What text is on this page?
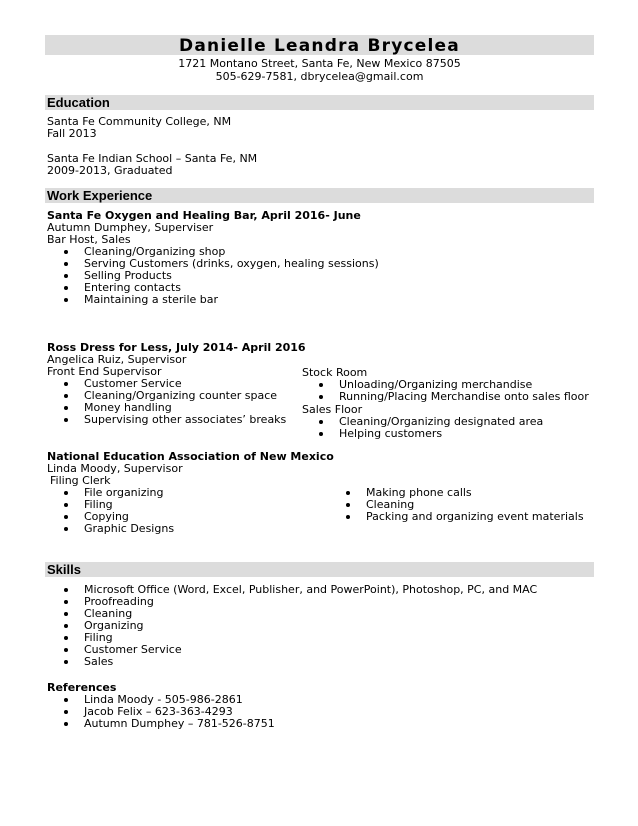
Danielle Leandra Brycelea
1721 Montano Street, Santa Fe, New Mexico 87505
505-629-7581, dbrycelea@gmail.com
Education
Santa Fe Community College, NM
Fall 2013
Santa Fe Indian School – Santa Fe, NM
2009-2013, Graduated
Work Experience
Santa Fe Oxygen and Healing Bar, April 2016- June
Autumn Dumphey, Superviser
Bar Host, Sales
Cleaning/Organizing shop
Serving Customers (drinks, oxygen, healing sessions)
Selling Products
Entering contacts
Maintaining a sterile bar
Ross Dress for Less, July 2014- April 2016
Angelica Ruiz, Supervisor
Front End Supervisor
Customer Service
Cleaning/Organizing counter space
Money handling
Supervising other associates’ breaks
Stock Room
Unloading/Organizing merchandise
Running/Placing Merchandise onto sales floor
Sales Floor
Cleaning/Organizing designated area
Helping customers
National Education Association of New Mexico
Linda Moody, Supervisor
Filing Clerk
File organizing
Filing
Copying
Graphic Designs
Making phone calls
Cleaning
Packing and organizing event materials
Skills
Microsoft Office (Word, Excel, Publisher, and PowerPoint), Photoshop, PC, and MAC
Proofreading
Cleaning
Organizing
Filing
Customer Service
Sales
References
Linda Moody - 505-986-2861
Jacob Felix – 623-363-4293
Autumn Dumphey – 781-526-8751
